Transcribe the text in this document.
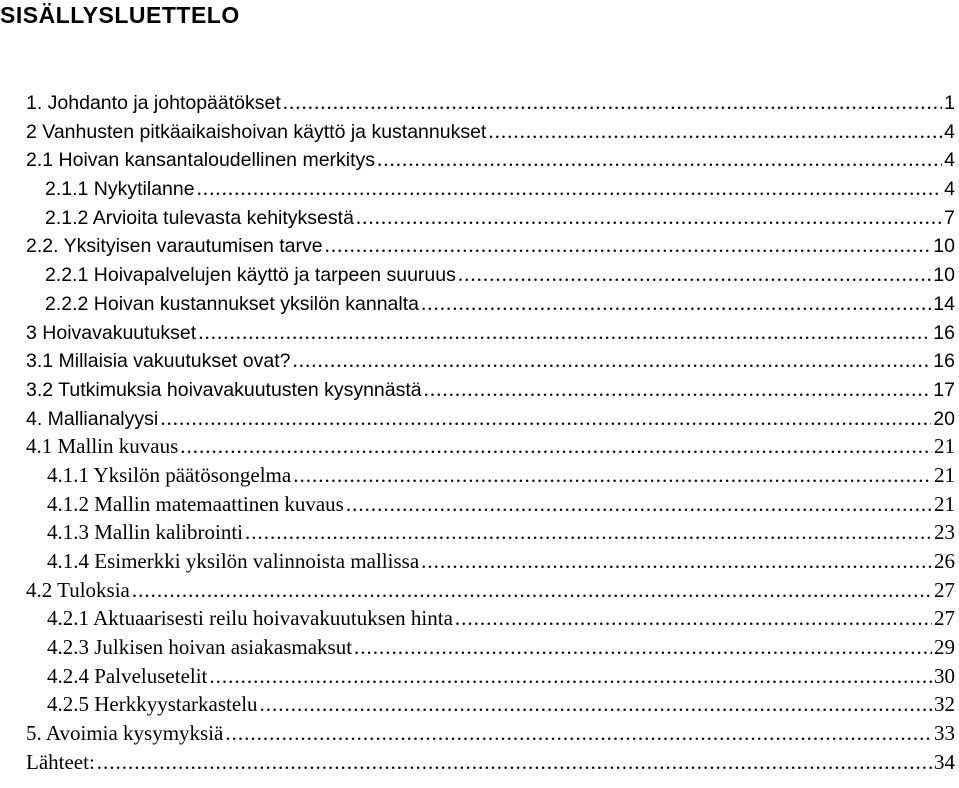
SISÄLLYSLUETTELO
1. Johdanto ja johtopäätökset .....	1
2 Vanhusten pitkäaikaishoivan käyttö ja kustannukset .....	4
2.1 Hoivan kansantaloudellinen merkitys .....	4
2.1.1 Nykytilanne .....	4
2.1.2 Arvioita tulevasta kehityksestä .....	7
2.2. Yksityisen varautumisen tarve .....	10
2.2.1 Hoivapalvelujen käyttö ja tarpeen suuruus .....	10
2.2.2 Hoivan kustannukset yksilön kannalta .....	14
3 Hoivavakuutukset .....	16
3.1 Millaisia vakuutukset ovat? .....	16
3.2 Tutkimuksia hoivavakuutusten kysynnästä .....	17
4. Mallianalyysi .....	20
4.1 Mallin kuvaus .....	21
4.1.1 Yksilön päätösongelma .....	21
4.1.2 Mallin matemaattinen kuvaus .....	21
4.1.3 Mallin kalibrointi .....	23
4.1.4 Esimerkki yksilön valinnoista mallissa .....	26
4.2 Tuloksia .....	27
4.2.1 Aktuaarisesti reilu hoivavakuutuksen hinta .....	27
4.2.3 Julkisen hoivan asiakasmaksut .....	29
4.2.4 Palvelusetelit .....	30
4.2.5 Herkkyystarkastelu .....	32
5. Avoimia kysymyksiä .....	33
Lähteet: .....	34
